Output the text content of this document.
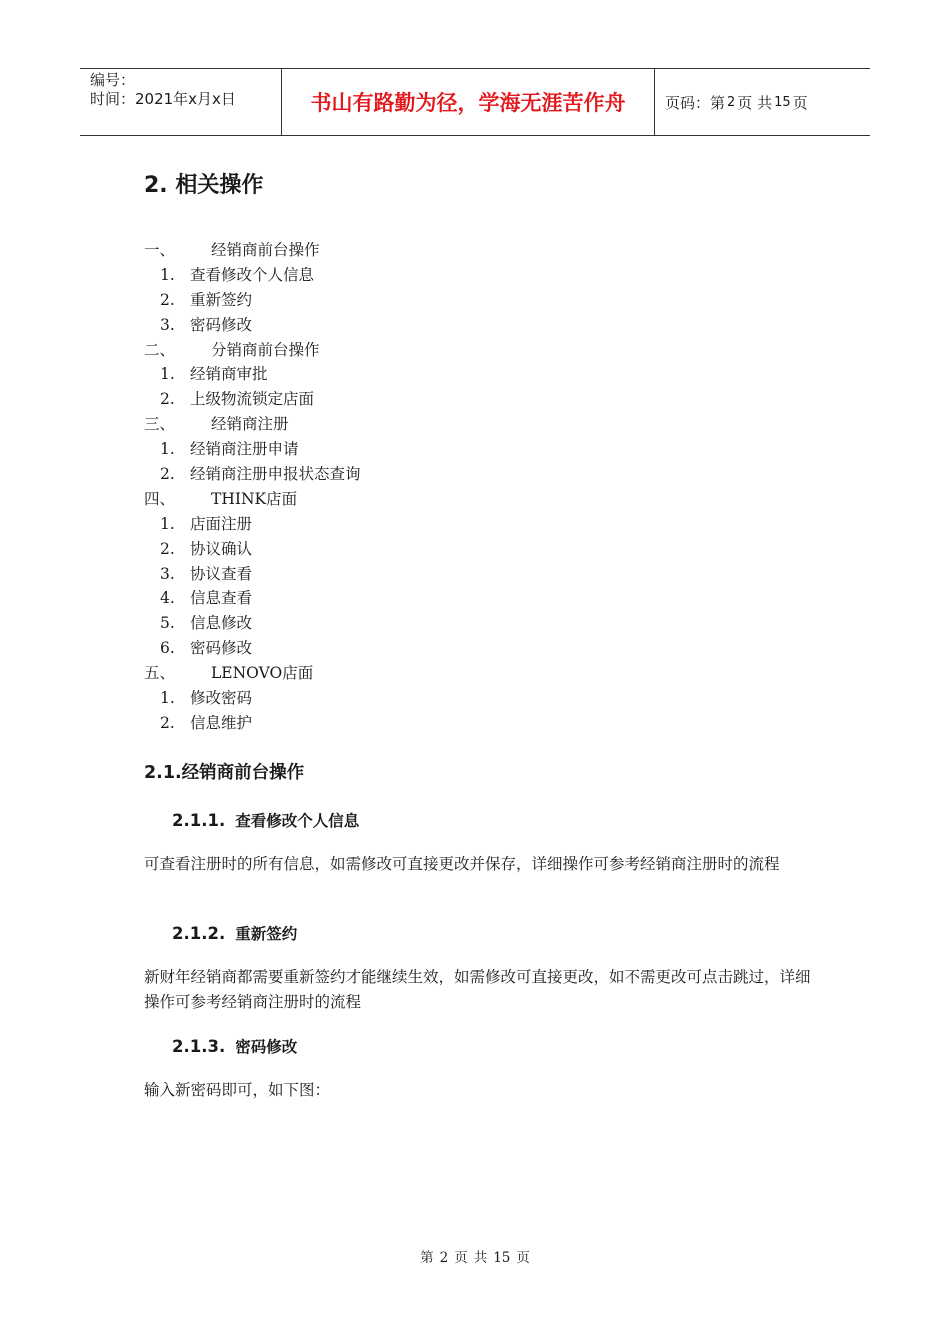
编号：
时间：2021年x月x日	书山有路勤为径，学海无涯苦作舟	页码：第 2 页 共 15 页
2. 相关操作
一、 经销商前台操作
1. 查看修改个人信息
2. 重新签约
3. 密码修改
二、 分销商前台操作
1. 经销商审批
2. 上级物流锁定店面
三、 经销商注册
1. 经销商注册申请
2. 经销商注册申报状态查询
四、 THINK店面
1. 店面注册
2. 协议确认
3. 协议查看
4. 信息查看
5. 信息修改
6. 密码修改
五、 LENOVO店面
1. 修改密码
2. 信息维护
2.1.经销商前台操作
2.1.1. 查看修改个人信息
可查看注册时的所有信息，如需修改可直接更改并保存，详细操作可参考经销商注册时的流程
2.1.2. 重新签约
新财年经销商都需要重新签约才能继续生效，如需修改可直接更改，如不需更改可点击跳过，详细操作可参考经销商注册时的流程
2.1.3. 密码修改
输入新密码即可，如下图：
第 2 页 共 15 页
